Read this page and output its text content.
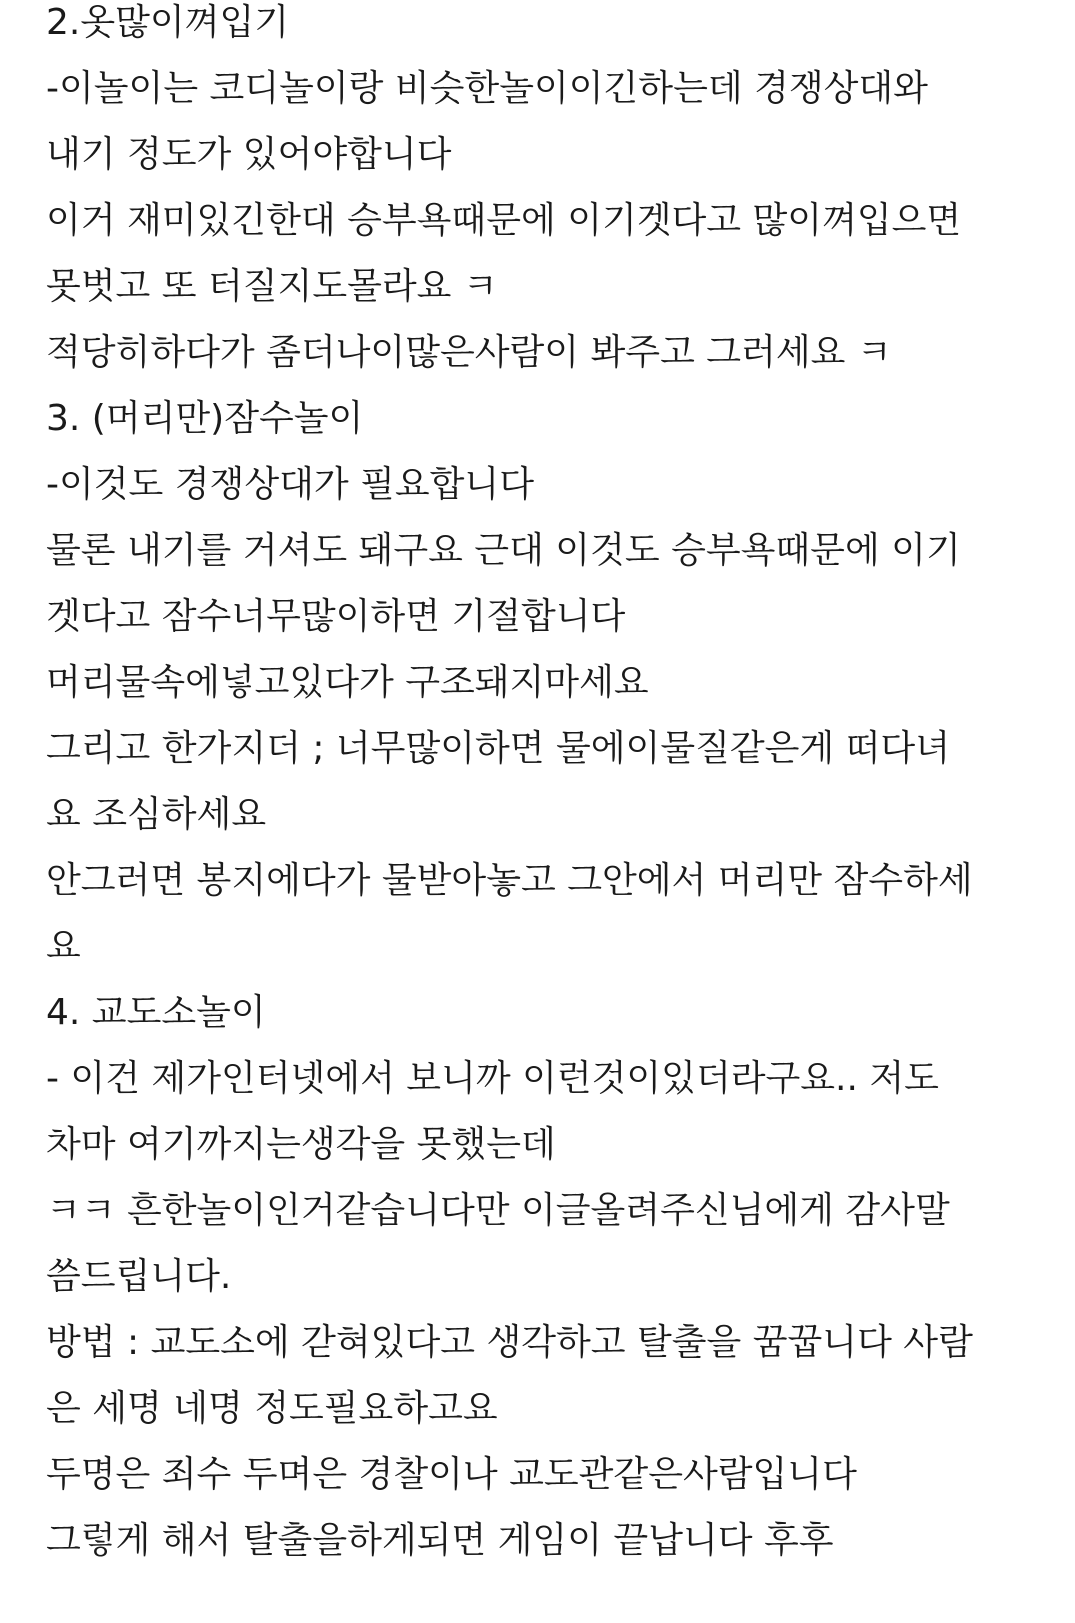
2.옷많이껴입기

-이놀이는 코디놀이랑 비슷한놀이이긴하는데 경쟁상대와

내기 정도가 있어야합니다

이거 재미있긴한대 승부욕때문에 이기겟다고 많이껴입으면

못벗고 또 터질지도몰라요 ㅋ

적당히하다가 좀더나이많은사람이 봐주고 그러세요 ㅋ

3. (머리만)잠수놀이

-이것도 경쟁상대가 필요합니다

물론 내기를 거셔도 돼구요 근대 이것도 승부욕때문에 이기

겟다고 잠수너무많이하면 기절합니다

머리물속에넣고있다가 구조돼지마세요

그리고 한가지더 ; 너무많이하면 물에이물질같은게 떠다녀

요 조심하세요

안그러면 봉지에다가 물받아놓고 그안에서 머리만 잠수하세

요

4. 교도소놀이

- 이건 제가인터넷에서 보니까 이런것이있더라구요.. 저도

차마 여기까지는생각을 못했는데

ㅋㅋ 흔한놀이인거같습니다만 이글올려주신님에게 감사말

씀드립니다.

방법 : 교도소에 갇혀있다고 생각하고 탈출을 꿈꿉니다 사람

은 세명 네명 정도필요하고요

두명은 죄수 두며은 경찰이나 교도관같은사람입니다

그렇게 해서 탈출을하게되면 게임이 끝납니다 후후
